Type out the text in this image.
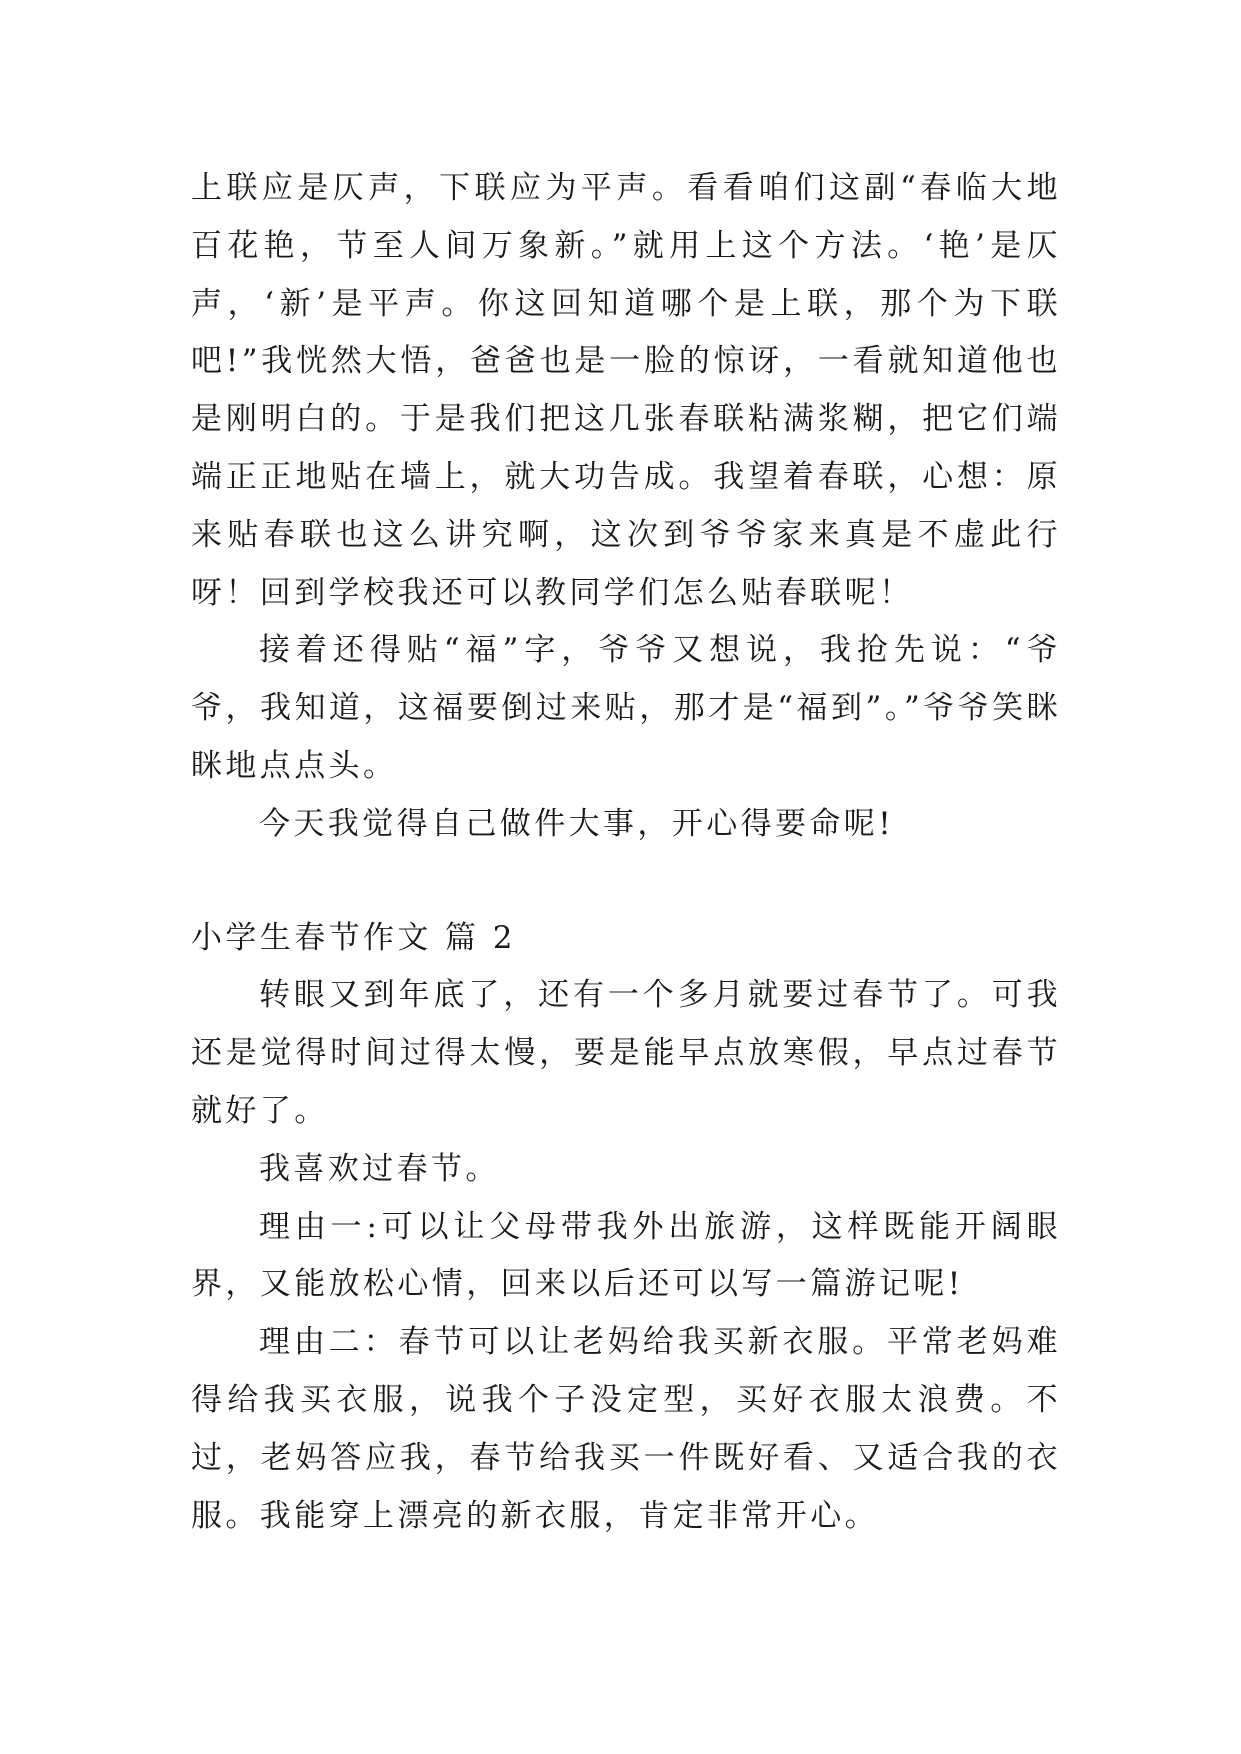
上联应是仄声，下联应为平声。看看咱们这副“春临大地百花艳，节至人间万象新。”就用上这个方法。‘艳’是仄声，‘新’是平声。你这回知道哪个是上联，那个为下联吧!”我恍然大悟，爸爸也是一脸的惊讶，一看就知道他也是刚明白的。于是我们把这几张春联粘满浆糊，把它们端端正正地贴在墙上，就大功告成。我望着春联，心想：原来贴春联也这么讲究啊，这次到爷爷家来真是不虚此行呀！回到学校我还可以教同学们怎么贴春联呢！

接着还得贴“福”字，爷爷又想说，我抢先说：“爷爷，我知道，这福要倒过来贴，那才是“福到”。”爷爷笑眯眯地点点头。

今天我觉得自己做件大事，开心得要命呢!

小学生春节作文 篇 2

转眼又到年底了，还有一个多月就要过春节了。可我还是觉得时间过得太慢，要是能早点放寒假，早点过春节就好了。

我喜欢过春节。

理由一:可以让父母带我外出旅游，这样既能开阔眼界，又能放松心情，回来以后还可以写一篇游记呢!

理由二：春节可以让老妈给我买新衣服。平常老妈难得给我买衣服，说我个子没定型，买好衣服太浪费。不过，老妈答应我，春节给我买一件既好看、又适合我的衣服。我能穿上漂亮的新衣服，肯定非常开心。
